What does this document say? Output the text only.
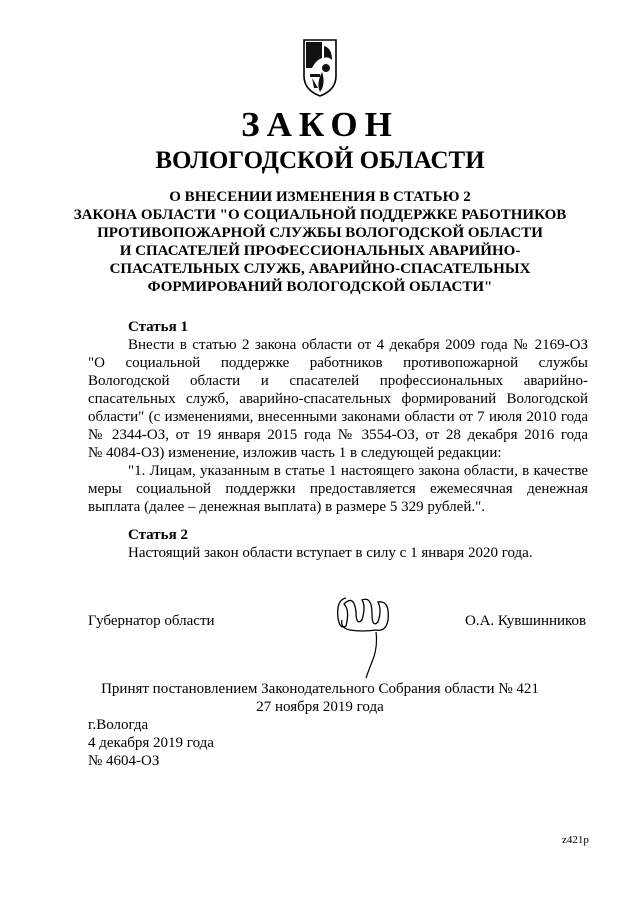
ЗАКОН
ВОЛОГОДСКОЙ ОБЛАСТИ
О ВНЕСЕНИИ ИЗМЕНЕНИЯ В СТАТЬЮ 2
ЗАКОНА ОБЛАСТИ "О СОЦИАЛЬНОЙ ПОДДЕРЖКЕ РАБОТНИКОВ
ПРОТИВОПОЖАРНОЙ СЛУЖБЫ ВОЛОГОДСКОЙ ОБЛАСТИ
И СПАСАТЕЛЕЙ ПРОФЕССИОНАЛЬНЫХ АВАРИЙНО-
СПАСАТЕЛЬНЫХ СЛУЖБ, АВАРИЙНО-СПАСАТЕЛЬНЫХ
ФОРМИРОВАНИЙ ВОЛОГОДСКОЙ ОБЛАСТИ"
Статья 1
Внести в статью 2 закона области от 4 декабря 2009 года № 2169-ОЗ
"О социальной поддержке работников противопожарной службы
Вологодской области и спасателей профессиональных аварийно-
спасательных служб, аварийно-спасательных формирований Вологодской
области" (с изменениями, внесенными законами области от 7 июля 2010 года
№ 2344-ОЗ, от 19 января 2015 года № 3554-ОЗ, от 28 декабря 2016 года
№ 4084-ОЗ) изменение, изложив часть 1 в следующей редакции:
"1. Лицам, указанным в статье 1 настоящего закона области, в качестве
меры социальной поддержки предоставляется ежемесячная денежная
выплата (далее – денежная выплата) в размере 5 329 рублей.".
Статья 2
Настоящий закон области вступает в силу с 1 января 2020 года.
Губернатор области	О.А. Кувшинников
Принят постановлением Законодательного Собрания области № 421
27 ноября 2019 года
г.Вологда
4 декабря 2019 года
№ 4604-ОЗ
z421p
